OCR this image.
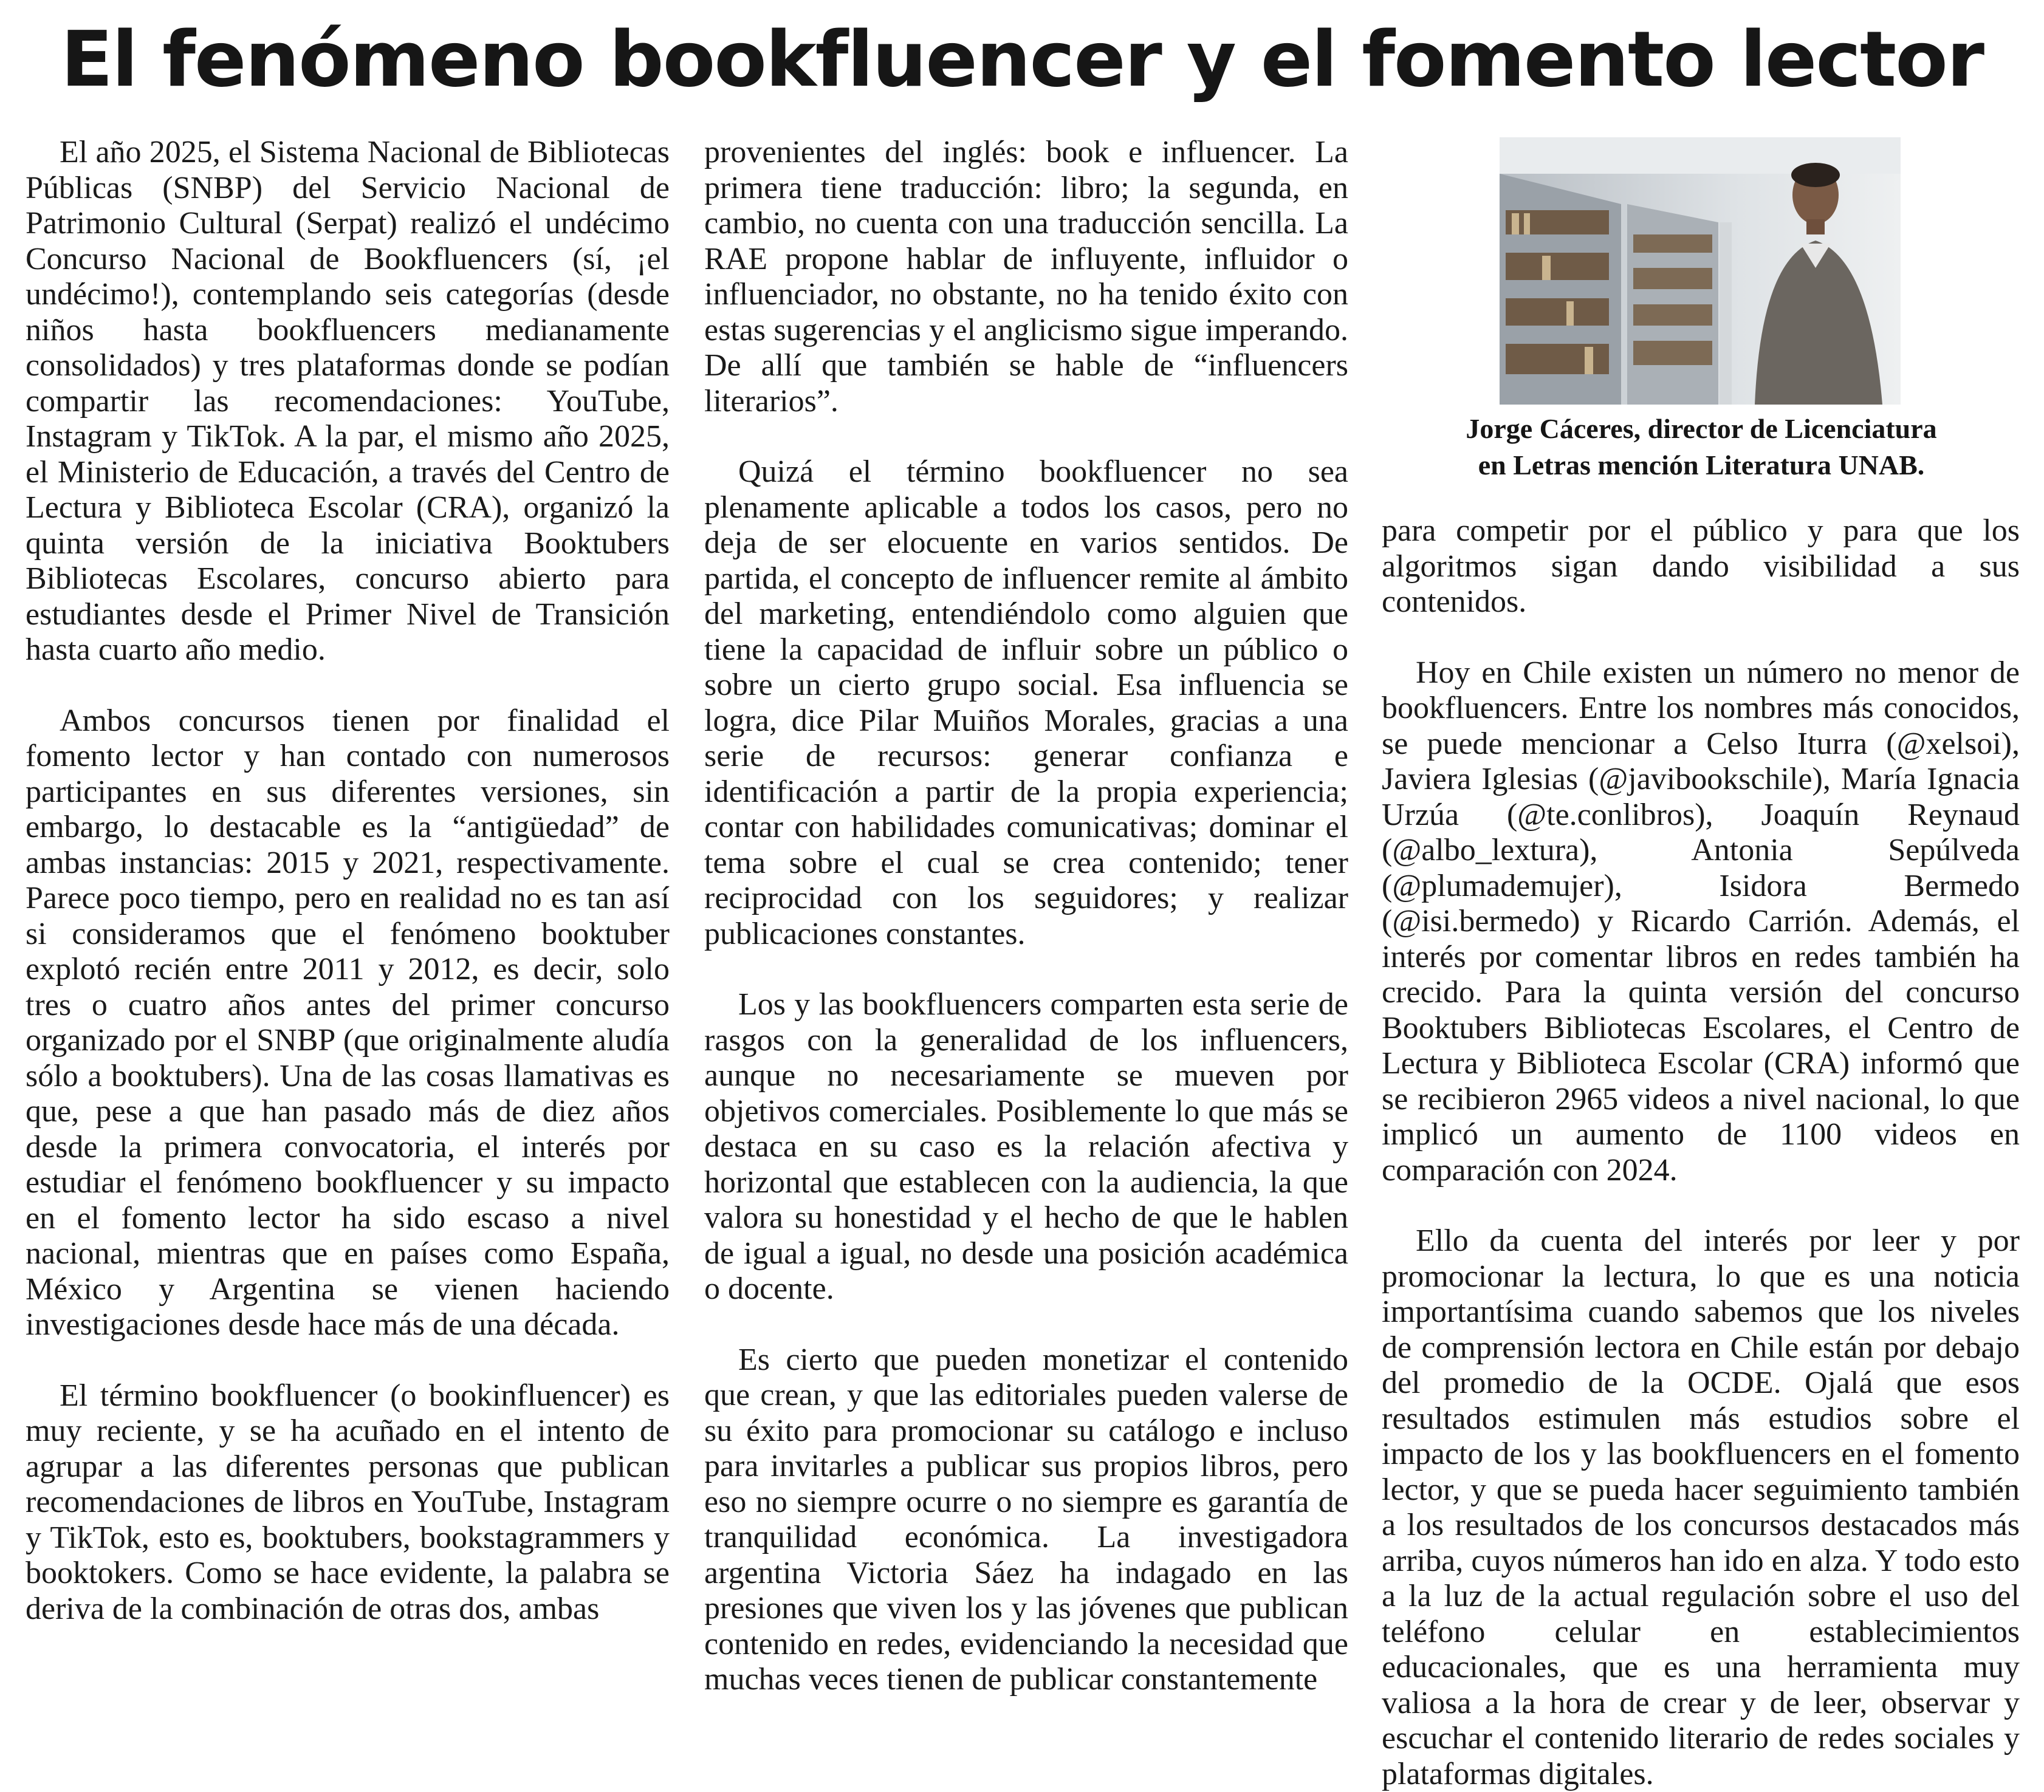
El fenómeno bookfluencer y el fomento lector

El año 2025, el Sistema Nacional de Bibliotecas Públicas (SNBP) del Servicio Nacional de Patrimonio Cultural (Serpat) realizó el undécimo Concurso Nacional de Bookfluencers (sí, ¡el undécimo!), contemplando seis categorías (desde niños hasta bookfluencers medianamente consolidados) y tres plataformas donde se podían compartir las recomendaciones: YouTube, Instagram y TikTok. A la par, el mismo año 2025, el Ministerio de Educación, a través del Centro de Lectura y Biblioteca Escolar (CRA), organizó la quinta versión de la iniciativa Booktubers Bibliotecas Escolares, concurso abierto para estudiantes desde el Primer Nivel de Transición hasta cuarto año medio.

Ambos concursos tienen por finalidad el fomento lector y han contado con numerosos participantes en sus diferentes versiones, sin embargo, lo destacable es la “antigüedad” de ambas instancias: 2015 y 2021, respectivamente. Parece poco tiempo, pero en realidad no es tan así si consideramos que el fenómeno booktuber explotó recién entre 2011 y 2012, es decir, solo tres o cuatro años antes del primer concurso organizado por el SNBP (que originalmente aludía sólo a booktubers). Una de las cosas llamativas es que, pese a que han pasado más de diez años desde la primera convocatoria, el interés por estudiar el fenómeno bookfluencer y su impacto en el fomento lector ha sido escaso a nivel nacional, mientras que en países como España, México y Argentina se vienen haciendo investigaciones desde hace más de una década.

El término bookfluencer (o bookinfluencer) es muy reciente, y se ha acuñado en el intento de agrupar a las diferentes personas que publican recomendaciones de libros en YouTube, Instagram y TikTok, esto es, booktubers, bookstagrammers y booktokers. Como se hace evidente, la palabra se deriva de la combinación de otras dos, ambas

provenientes del inglés: book e influencer. La primera tiene traducción: libro; la segunda, en cambio, no cuenta con una traducción sencilla. La RAE propone hablar de influyente, influidor o influenciador, no obstante, no ha tenido éxito con estas sugerencias y el anglicismo sigue imperando. De allí que también se hable de “influencers literarios”.

Quizá el término bookfluencer no sea plenamente aplicable a todos los casos, pero no deja de ser elocuente en varios sentidos. De partida, el concepto de influencer remite al ámbito del marketing, entendiéndolo como alguien que tiene la capacidad de influir sobre un público o sobre un cierto grupo social. Esa influencia se logra, dice Pilar Muiños Morales, gracias a una serie de recursos: generar confianza e identificación a partir de la propia experiencia; contar con habilidades comunicativas; dominar el tema sobre el cual se crea contenido; tener reciprocidad con los seguidores; y realizar publicaciones constantes.

Los y las bookfluencers comparten esta serie de rasgos con la generalidad de los influencers, aunque no necesariamente se mueven por objetivos comerciales. Posiblemente lo que más se destaca en su caso es la relación afectiva y horizontal que establecen con la audiencia, la que valora su honestidad y el hecho de que le hablen de igual a igual, no desde una posición académica o docente.

Es cierto que pueden monetizar el contenido que crean, y que las editoriales pueden valerse de su éxito para promocionar su catálogo e incluso para invitarles a publicar sus propios libros, pero eso no siempre ocurre o no siempre es garantía de tranquilidad económica. La investigadora argentina Victoria Sáez ha indagado en las presiones que viven los y las jóvenes que publican contenido en redes, evidenciando la necesidad que muchas veces tienen de publicar constantemente

Jorge Cáceres, director de Licenciatura
en Letras mención Literatura UNAB.

para competir por el público y para que los algoritmos sigan dando visibilidad a sus contenidos.

Hoy en Chile existen un número no menor de bookfluencers. Entre los nombres más conocidos, se puede mencionar a Celso Iturra (@xelsoi), Javiera Iglesias (@javibookschile), María Ignacia Urzúa (@te.conlibros), Joaquín Reynaud (@albo_lextura), Antonia Sepúlveda (@plumademujer), Isidora Bermedo (@isi.bermedo) y Ricardo Carrión. Además, el interés por comentar libros en redes también ha crecido. Para la quinta versión del concurso Booktubers Bibliotecas Escolares, el Centro de Lectura y Biblioteca Escolar (CRA) informó que se recibieron 2965 videos a nivel nacional, lo que implicó un aumento de 1100 videos en comparación con 2024.

Ello da cuenta del interés por leer y por promocionar la lectura, lo que es una noticia importantísima cuando sabemos que los niveles de comprensión lectora en Chile están por debajo del promedio de la OCDE. Ojalá que esos resultados estimulen más estudios sobre el impacto de los y las bookfluencers en el fomento lector, y que se pueda hacer seguimiento también a los resultados de los concursos destacados más arriba, cuyos números han ido en alza. Y todo esto a la luz de la actual regulación sobre el uso del teléfono celular en establecimientos educacionales, que es una herramienta muy valiosa a la hora de crear y de leer, observar y escuchar el contenido literario de redes sociales y plataformas digitales.
